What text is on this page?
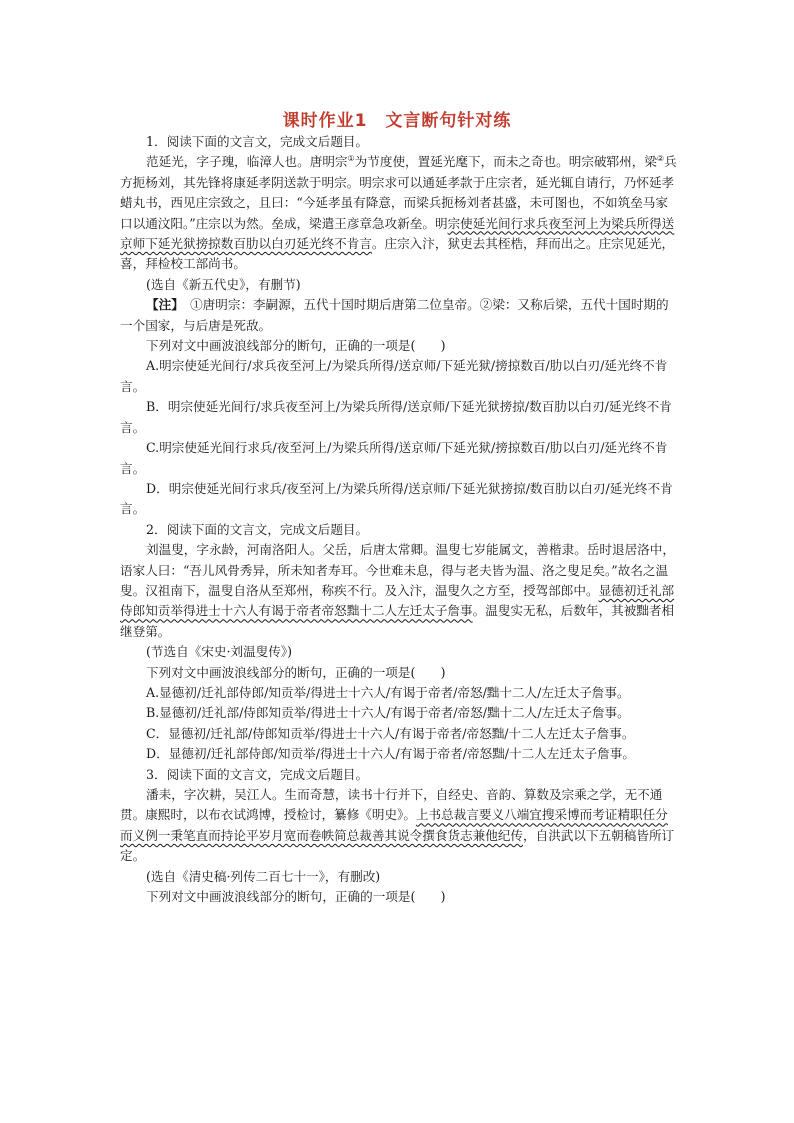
课时作业1　文言断句针对练

1．阅读下面的文言文，完成文后题目。

范延光，字子瑰，临漳人也。唐明宗①为节度使，置延光麾下，而未之奇也。明宗破郓州，梁②兵方扼杨刘，其先锋将康延孝阴送款于明宗。明宗求可以通延孝款于庄宗者，延光辄自请行，乃怀延孝蜡丸书，西见庄宗致之，且曰：“今延孝虽有降意，而梁兵扼杨刘者甚盛，未可图也，不如筑垒马家口以通汶阳。”庄宗以为然。垒成，梁遣王彦章急攻新垒。明宗使延光间行求兵夜至河上为梁兵所得送京师下延光狱搒掠数百肋以白刃延光终不肯言。庄宗入汴，狱吏去其桎梏，拜而出之。庄宗见延光，喜，拜检校工部尚书。

(选自《新五代史》，有删节)

【注】　①唐明宗：李嗣源，五代十国时期后唐第二位皇帝。②梁：又称后梁，五代十国时期的一个国家，与后唐是死敌。

下列对文中画波浪线部分的断句，正确的一项是(　　)

A.明宗使延光间行/求兵夜至河上/为梁兵所得/送京师/下延光狱/搒掠数百/肋以白刃/延光终不肯言。

B．明宗使延光间行/求兵夜至河上/为梁兵所得/送京师/下延光狱搒掠/数百肋以白刃/延光终不肯言。

C.明宗使延光间行求兵/夜至河上/为梁兵所得/送京师/下延光狱/搒掠数百/肋以白刃/延光终不肯言。

D．明宗使延光间行求兵/夜至河上/为梁兵所得/送京师/下延光狱搒掠/数百肋以白刃/延光终不肯言。

2．阅读下面的文言文，完成文后题目。

刘温叟，字永龄，河南洛阳人。父岳，后唐太常卿。温叟七岁能属文，善楷隶。岳时退居洛中，语家人曰：“吾儿风骨秀异，所未知者寿耳。今世难未息，得与老夫皆为温、洛之叟足矣。”故名之温叟。汉祖南下，温叟自洛从至郑州，称疾不行。及入汴，温叟久之方至，授驾部郎中。显德初迁礼部侍郎知贡举得进士十六人有谒于帝者帝怒黜十二人左迁太子詹事。温叟实无私，后数年，其被黜者相继登第。

(节选自《宋史·刘温叟传》)

下列对文中画波浪线部分的断句，正确的一项是(　　)

A.显德初/迁礼部侍郎/知贡举/得进士十六人/有谒于帝者/帝怒/黜十二人/左迁太子詹事。

B.显德初/迁礼部/侍郎知贡举/得进士十六人/有谒于帝者/帝怒/黜十二人/左迁太子詹事。

C．显德初/迁礼部/侍郎知贡举/得进士十六人/有谒于帝者/帝怒黜/十二人左迁太子詹事。

D．显德初/迁礼部侍郎/知贡举/得进士十六人/有谒于帝者/帝怒黜/十二人左迁太子詹事。

3．阅读下面的文言文，完成文后题目。

潘耒，字次耕，吴江人。生而奇慧，读书十行并下，自经史、音韵、算数及宗乘之学，无不通贯。康熙时，以布衣试鸿博，授检讨，纂修《明史》。上书总裁言要义八端宜搜采博而考证精职任分而义例一秉笔直而持论平岁月宽而卷帙简总裁善其说令撰食货志兼他纪传，自洪武以下五朝稿皆所订定。

(选自《清史稿·列传二百七十一》，有删改)

下列对文中画波浪线部分的断句，正确的一项是(　　)
